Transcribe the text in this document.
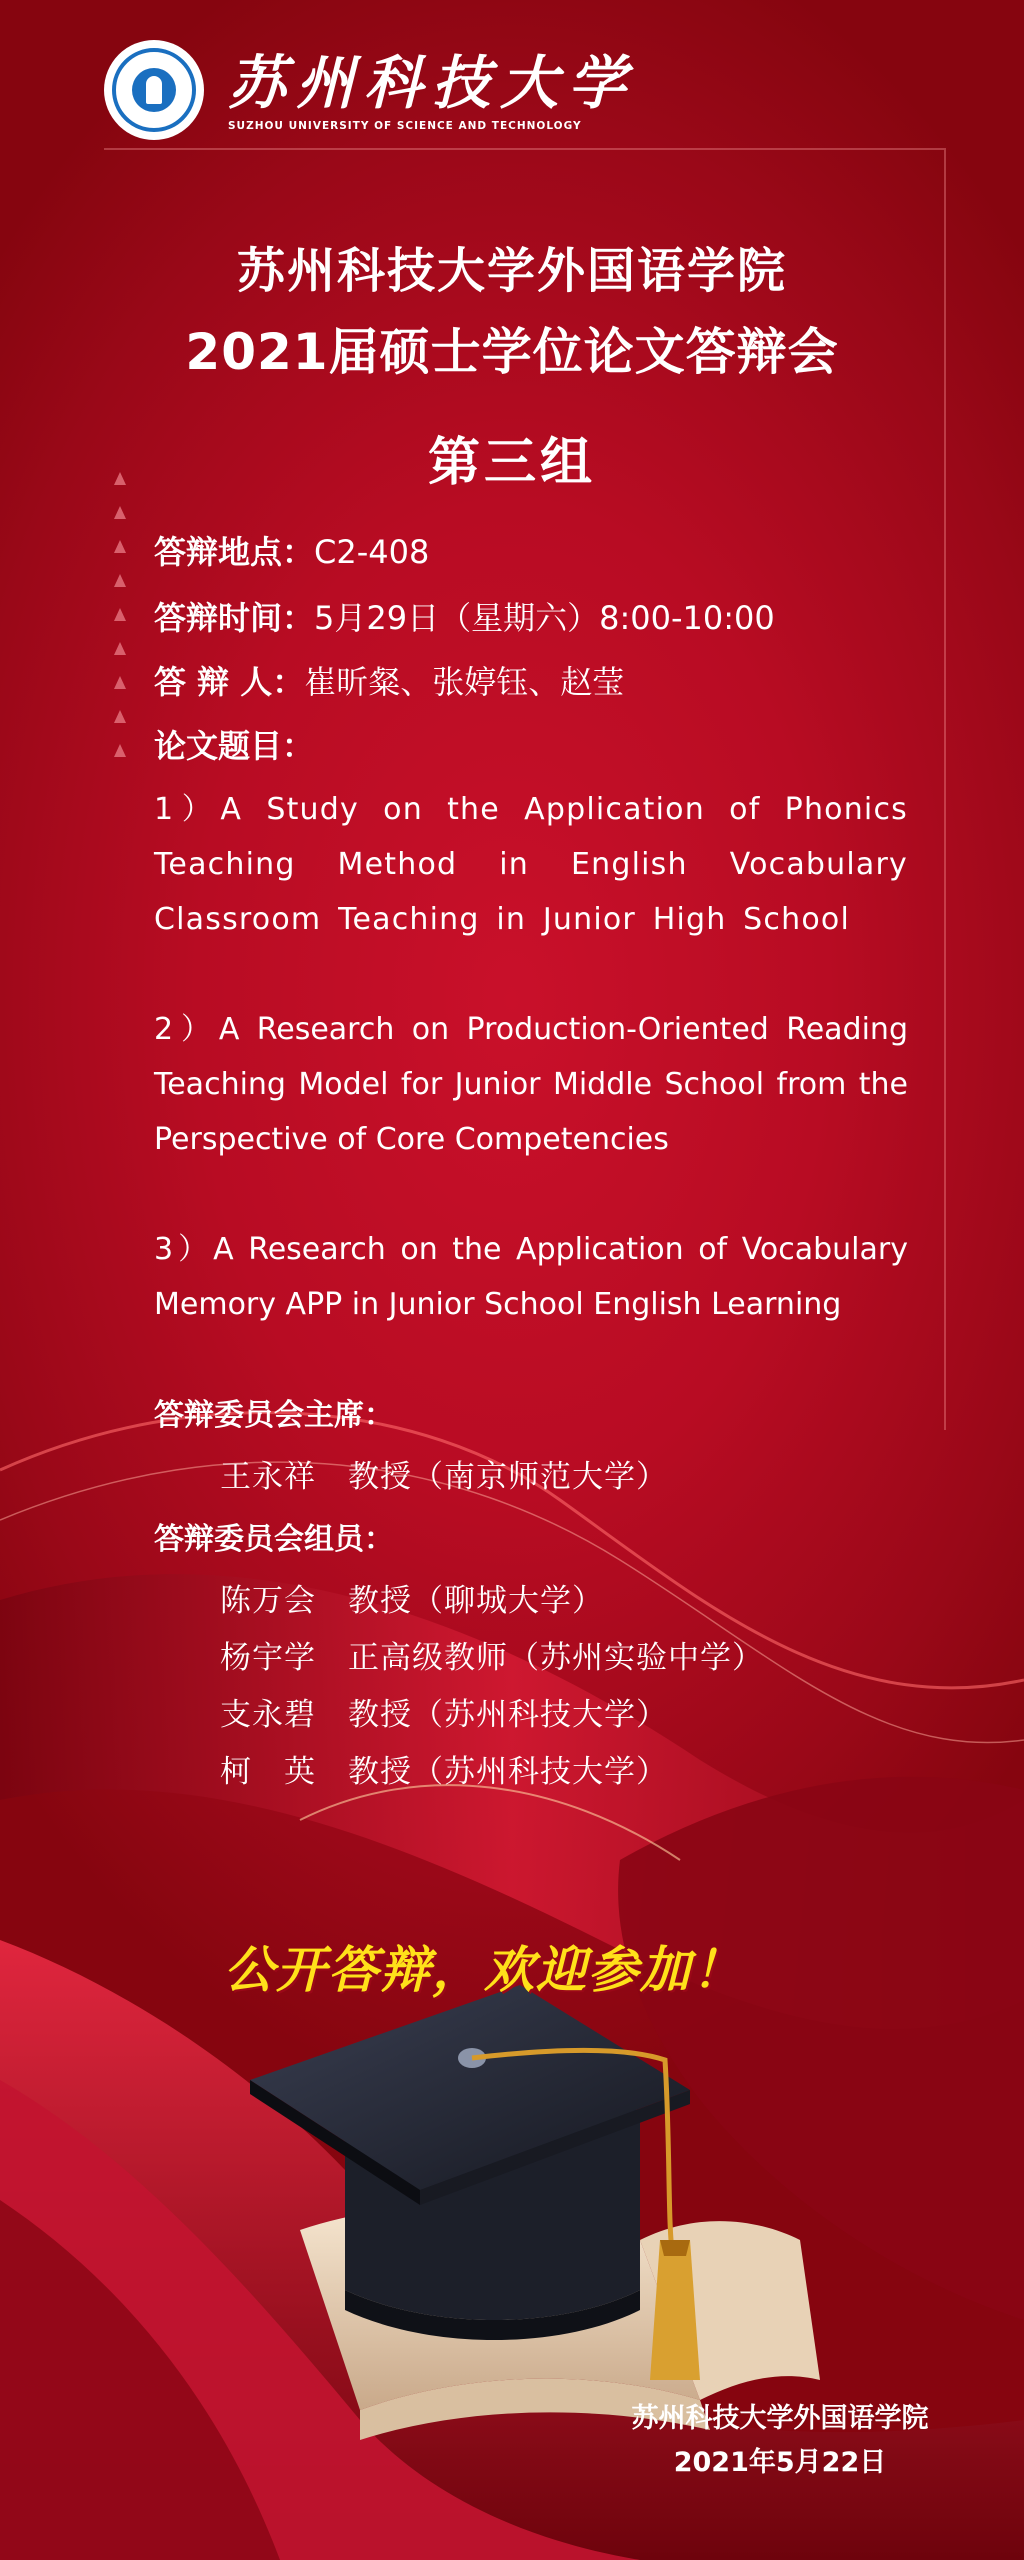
苏州科技大学
SUZHOU UNIVERSITY OF SCIENCE AND TECHNOLOGY
苏州科技大学外国语学院
2021届硕士学位论文答辩会
第三组
答辩地点：C2-408
答辩时间：5月29日（星期六）8:00-10:00
答 辩 人：崔昕粲、张婷钰、赵莹
论文题目：
1）A Study on the Application of Phonics Teaching Method in English Vocabulary Classroom Teaching in Junior High School
2）A Research on Production-Oriented Reading Teaching Model for Junior Middle School from the Perspective of Core Competencies
3）A Research on the Application of Vocabulary Memory APP in Junior School English Learning
答辩委员会主席：
王永祥　教授（南京师范大学）
答辩委员会组员：
陈万会　教授（聊城大学）
杨宇学　正高级教师（苏州实验中学）
支永碧　教授（苏州科技大学）
柯　英　教授（苏州科技大学）
公开答辩，欢迎参加！
苏州科技大学外国语学院
2021年5月22日
